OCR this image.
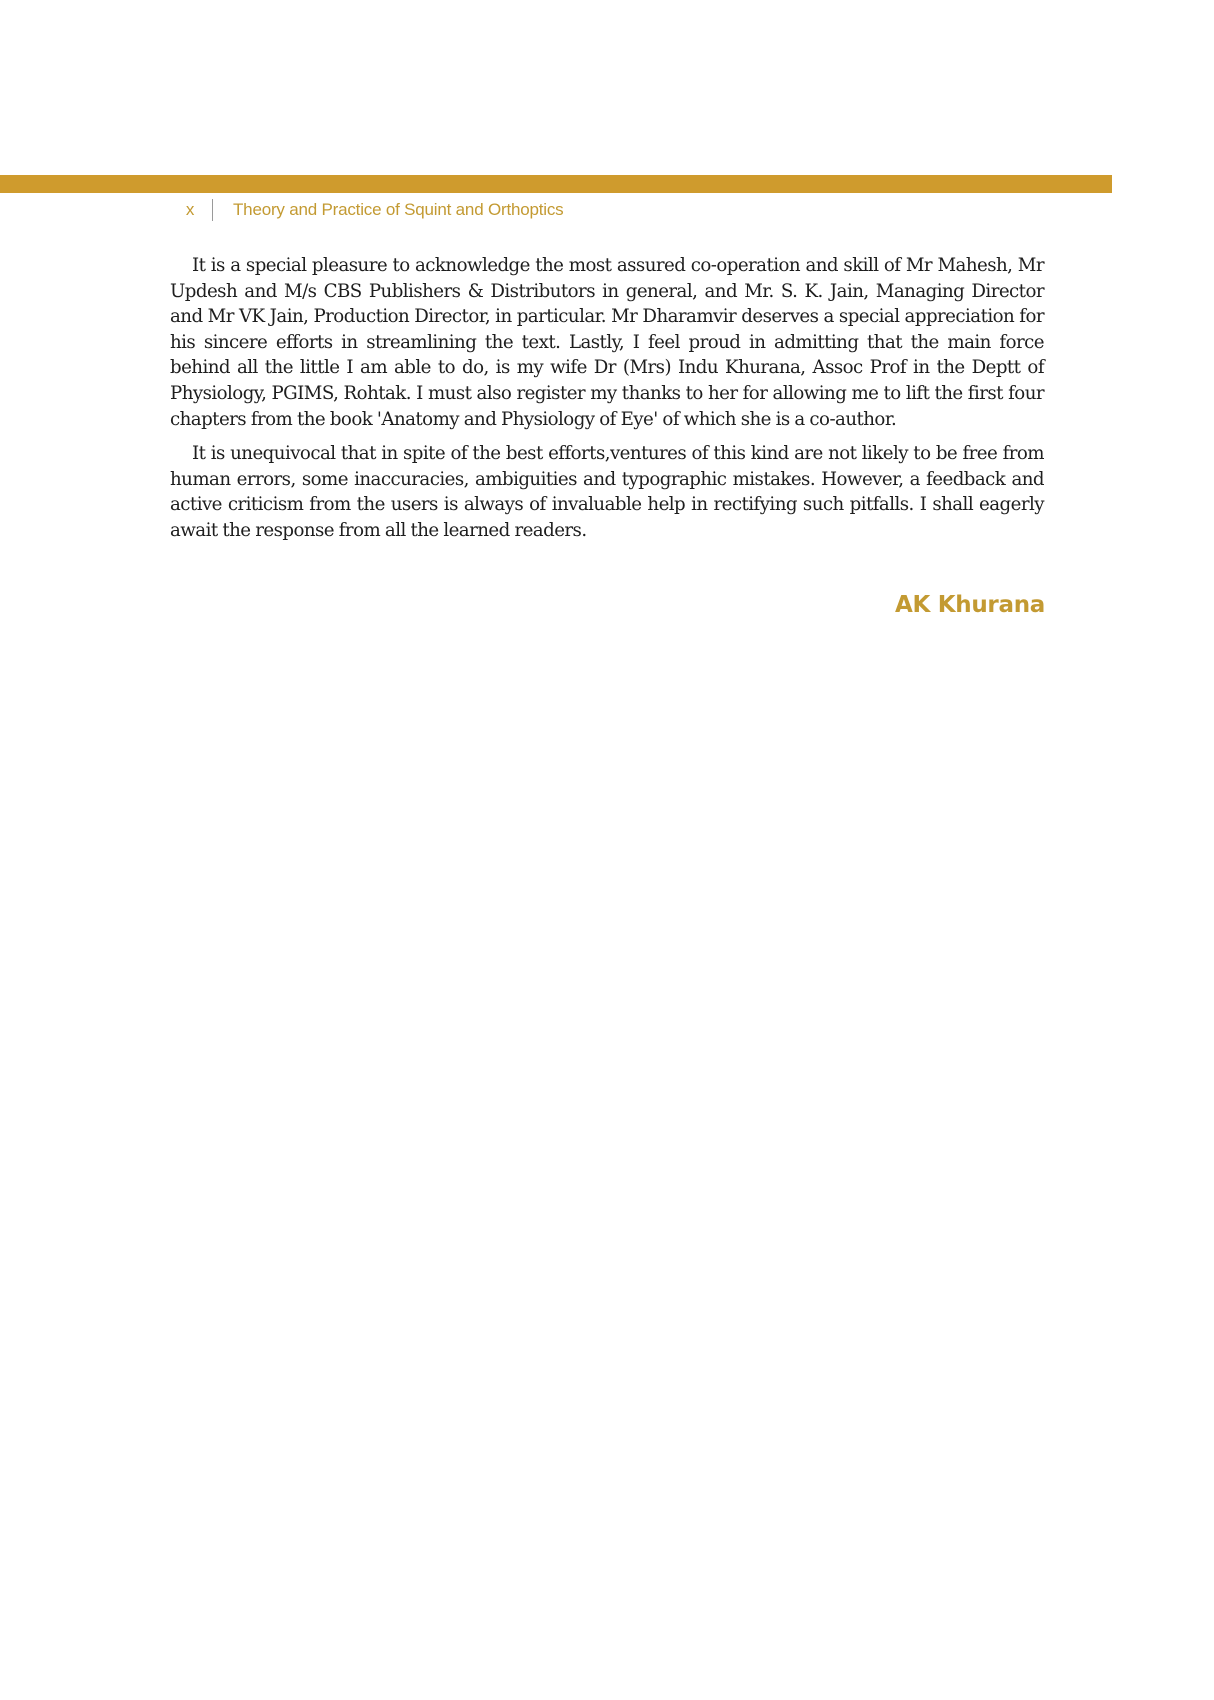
x Theory and Practice of Squint and Orthoptics

It is a special pleasure to acknowledge the most assured co-operation and skill of Mr Mahesh, Mr Updesh and M/s CBS Publishers & Distributors in general, and Mr. S. K. Jain, Managing Director and Mr VK Jain, Production Director, in particular. Mr Dharamvir deserves a special appreciation for his sincere efforts in streamlining the text. Lastly, I feel proud in admitting that the main force behind all the little I am able to do, is my wife Dr (Mrs) Indu Khurana, Assoc Prof in the Deptt of Physiology, PGIMS, Rohtak. I must also register my thanks to her for allowing me to lift the first four chapters from the book 'Anatomy and Physiology of Eye' of which she is a co-author.

It is unequivocal that in spite of the best efforts,ventures of this kind are not likely to be free from human errors, some inaccuracies, ambiguities and typographic mistakes. However, a feedback and active criticism from the users is always of invaluable help in rectifying such pitfalls. I shall eagerly await the response from all the learned readers.

AK Khurana
